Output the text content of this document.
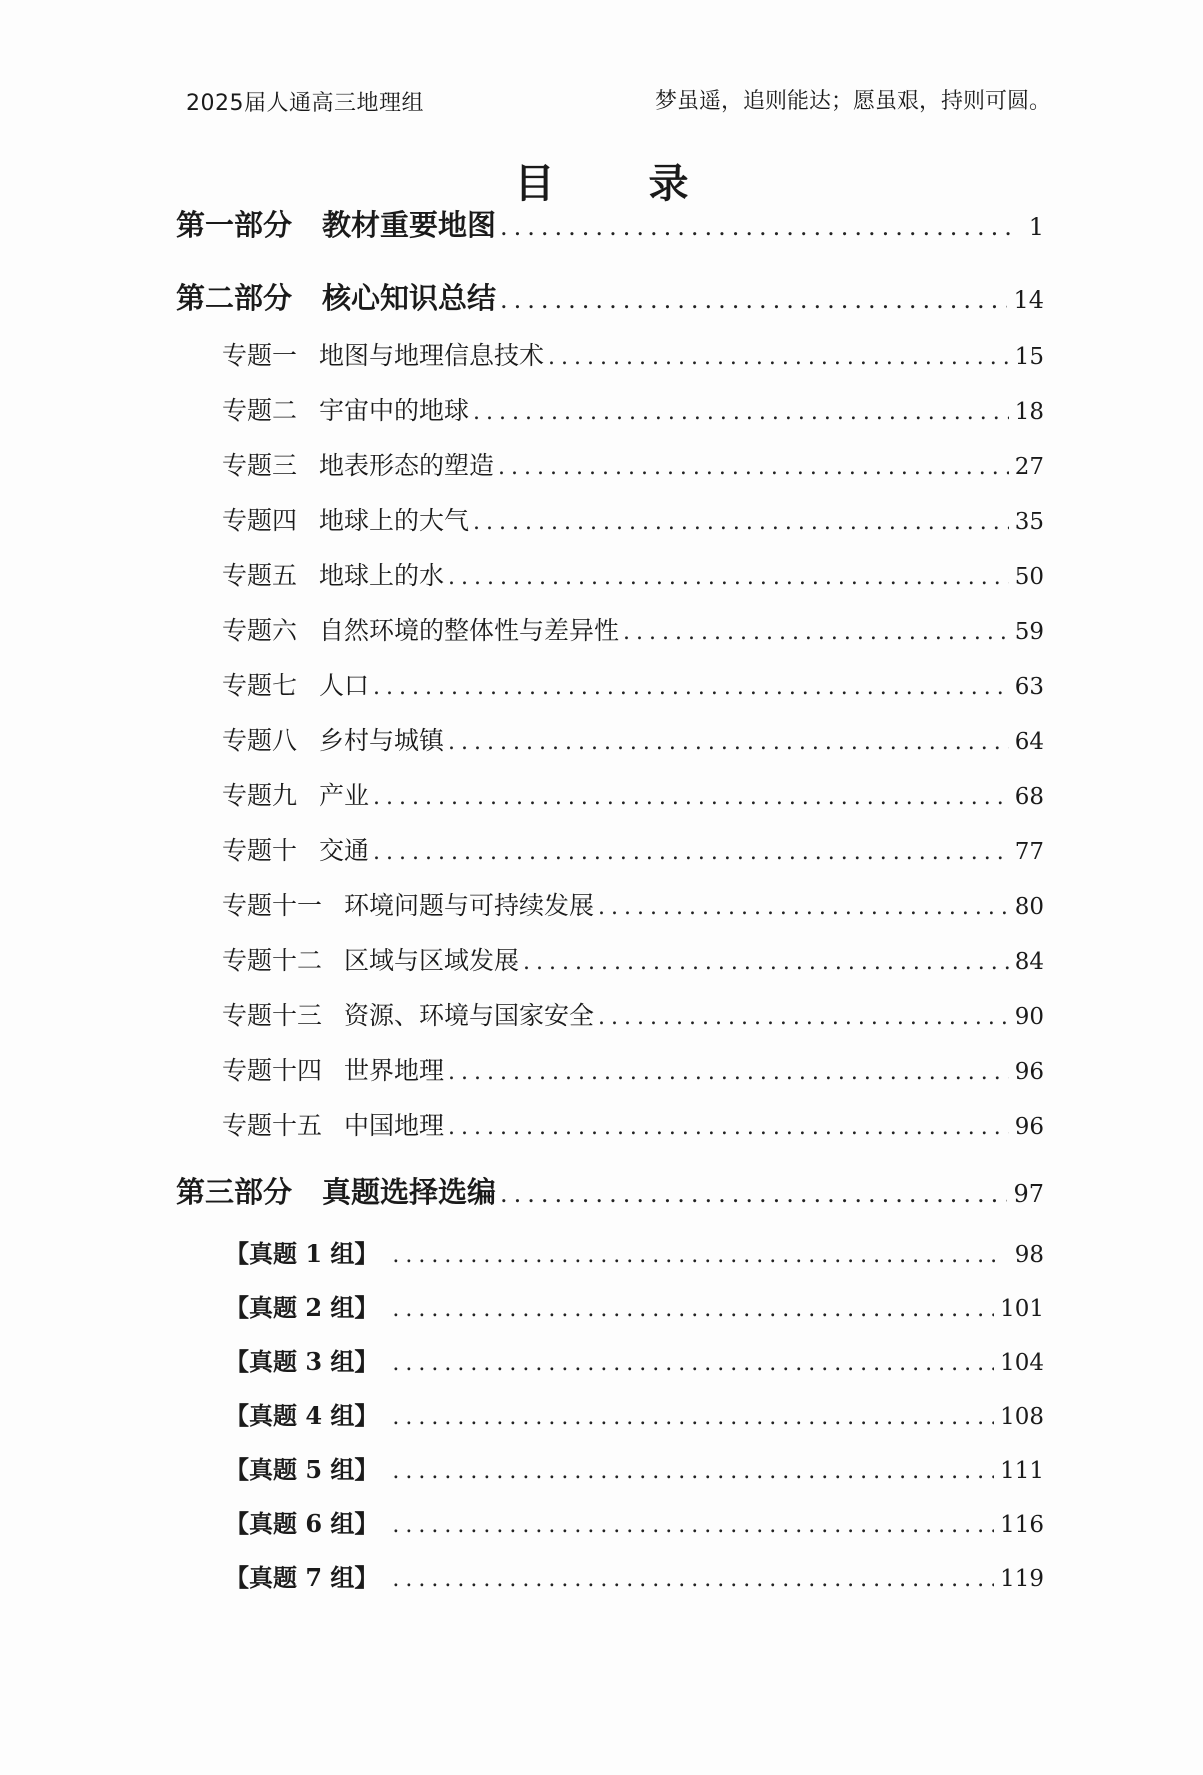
2025届人通高三地理组	梦虽遥，追则能达；愿虽艰，持则可圆。
目 录
第一部分 教材重要地图 .....	1
第二部分 核心知识总结 .....	14
专题一 地图与地理信息技术 .....	15
专题二 宇宙中的地球 .....	18
专题三 地表形态的塑造 .....	27
专题四 地球上的大气 .....	35
专题五 地球上的水 .....	50
专题六 自然环境的整体性与差异性 .....	59
专题七 人口 .....	63
专题八 乡村与城镇 .....	64
专题九 产业 .....	68
专题十 交通 .....	77
专题十一 环境问题与可持续发展 .....	80
专题十二 区域与区域发展 .....	84
专题十三 资源、环境与国家安全 .....	90
专题十四 世界地理 .....	96
专题十五 中国地理 .....	96
第三部分 真题选择选编 .....	97
【真题 1 组】 .....	98
【真题 2 组】 .....	101
【真题 3 组】 .....	104
【真题 4 组】 .....	108
【真题 5 组】 .....	111
【真题 6 组】 .....	116
【真题 7 组】 .....	119
